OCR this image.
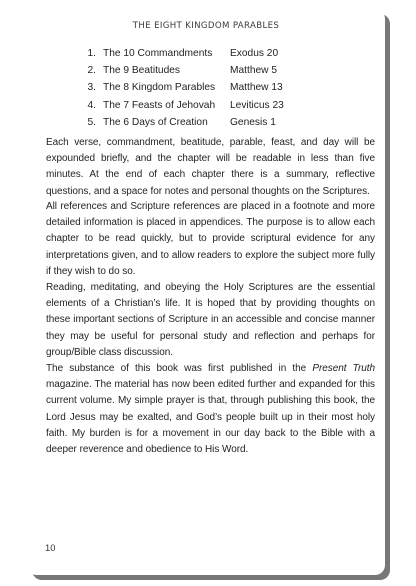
THE EIGHT KINGDOM PARABLES
1. The 10 Commandments Exodus 20
2. The 9 Beatitudes	Matthew 5
3. The 8 Kingdom Parables Matthew 13
4. The 7 Feasts of Jehovah Leviticus 23
5. The 6 Days of Creation Genesis 1

Each verse, commandment, beatitude, parable, feast, and day will be expounded briefly, and the chapter will be readable in less than five minutes. At the end of each chapter there is a summary, reflective questions, and a space for notes and personal thoughts on the Scriptures.

All references and Scripture references are placed in a footnote and more detailed information is placed in appendices. The purpose is to allow each chapter to be read quickly, but to provide scriptural evidence for any interpretations given, and to allow readers to explore the subject more fully if they wish to do so.

Reading, meditating, and obeying the Holy Scriptures are the essential elements of a Christian’s life. It is hoped that by providing thoughts on these important sections of Scripture in an accessible and concise manner they may be useful for personal study and reflection and perhaps for group/Bible class discussion.

The substance of this book was first published in the Present Truth magazine. The material has now been edited further and expanded for this current volume. My simple prayer is that, through publishing this book, the Lord Jesus may be exalted, and God’s people built up in their most holy faith. My burden is for a movement in our day back to the Bible with a deeper reverence and obedience to His Word.

10
